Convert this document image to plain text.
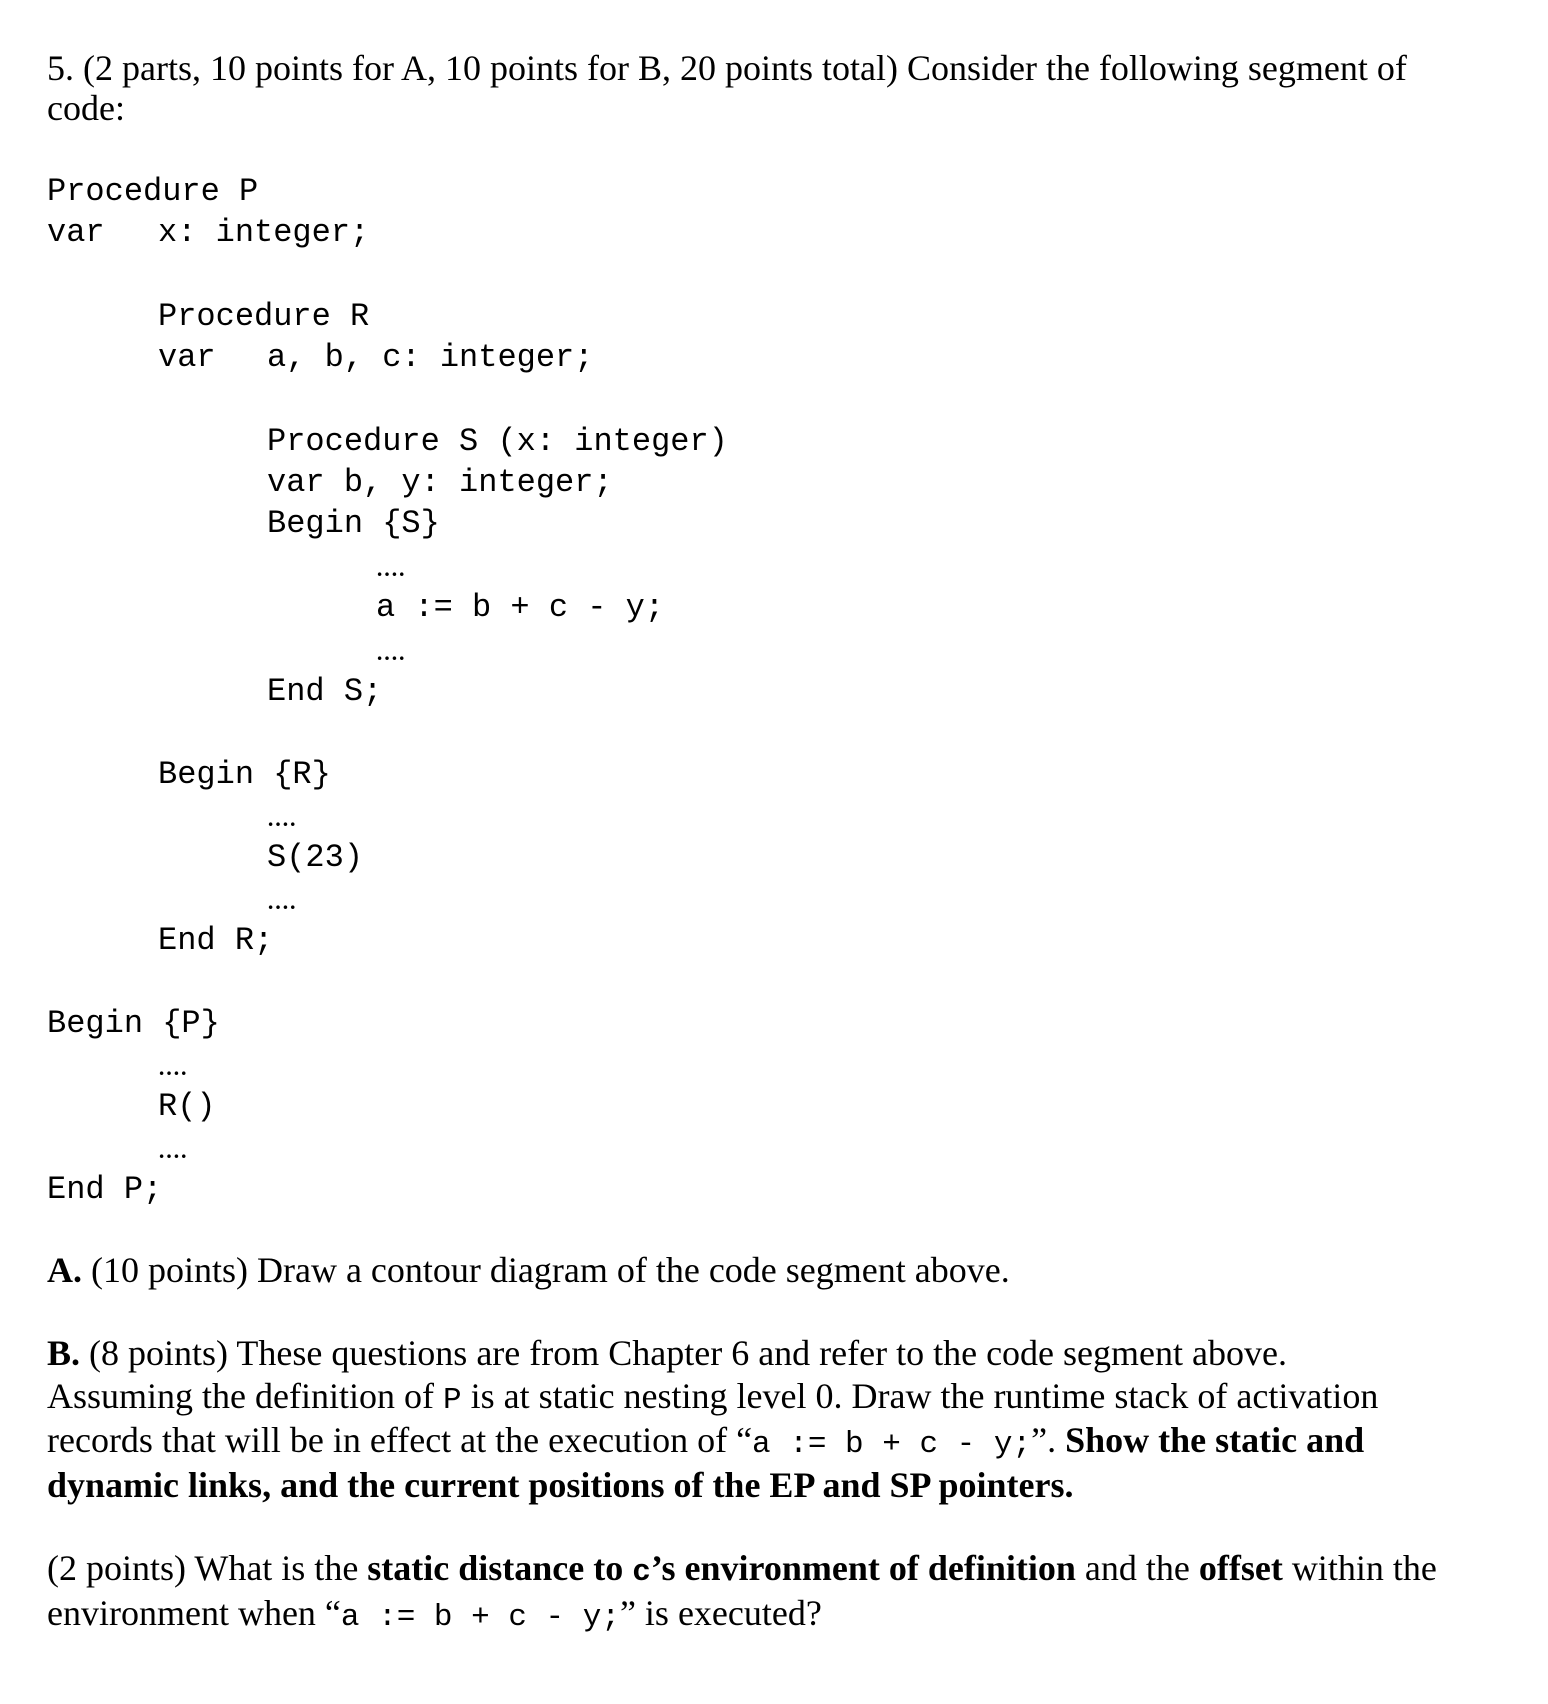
5. (2 parts, 10 points for A, 10 points for B, 20 points total) Consider the following segment of

code:

Procedure P

var x: integer;

Procedure R

var a, b, c: integer;

Procedure S (x: integer)

var b, y: integer;

Begin {S}

….

a := b + c - y;

….

End S;

Begin {R}

….

S(23)

….

End R;

Begin {P}

….

R()

….

End P;

A. (10 points) Draw a contour diagram of the code segment above.

B. (8 points) These questions are from Chapter 6 and refer to the code segment above.

Assuming the definition of P is at static nesting level 0. Draw the runtime stack of activation

records that will be in effect at the execution of “a := b + c - y;”. Show the static and

dynamic links, and the current positions of the EP and SP pointers.

(2 points) What is the static distance to c’s environment of definition and the offset within the

environment when “a := b + c - y;” is executed?
